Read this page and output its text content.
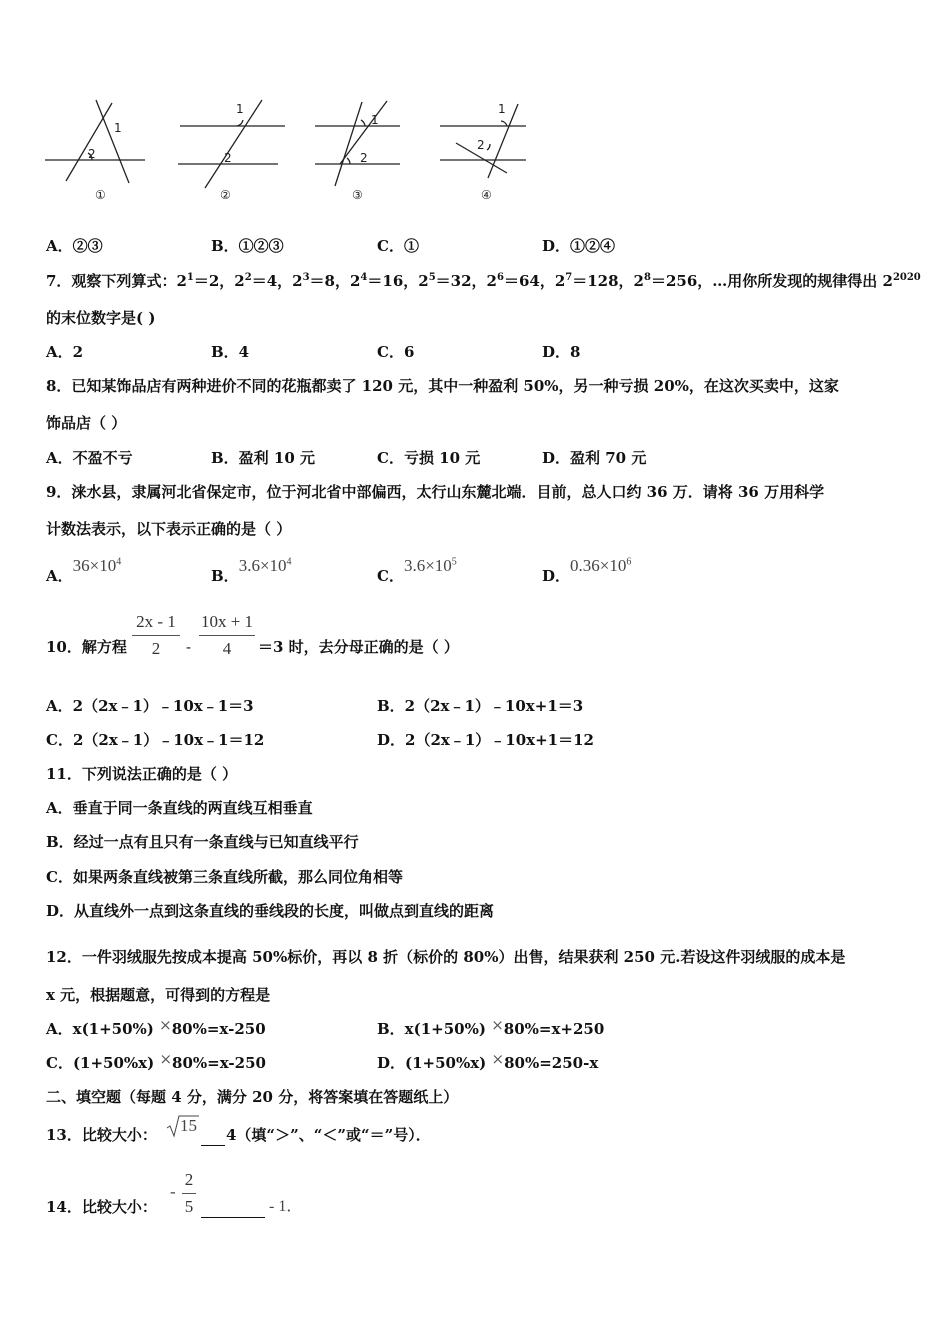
1
2
1
2
1
2
1
2
①	②	③	④
A．②③	B．①②③	C．①	D．①②④
7．观察下列算式：$2^1=2$，$2^2=4$，$2^3=8$，$2^4=16$，$2^5=32$，$2^6=64$，$2^7=128$，$2^8=256$，…用你所发现的规律得出 $2^{2020}$
的末位数字是( )
A．2	B．4	C．6	D．8
8．已知某饰品店有两种进价不同的花瓶都卖了 120 元，其中一种盈利 50%，另一种亏损 20%，在这次买卖中，这家
饰品店（ ）
A．不盈不亏	B．盈利 10 元	C．亏损 10 元	D．盈利 70 元
9．涞水县，隶属河北省保定市，位于河北省中部偏西，太行山东麓北端．目前，总人口约 36 万．请将 36 万用科学
计数法表示，以下表示正确的是（ ）
A．$36\times 10^4$
B．$3.6\times 10^4$
C．$3.6\times 10^5$
D．$0.36\times 10^6$
10．解方程
2x - 1
2	-
10x + 1
4	＝3 时，去分母正确的是（ ）
A．2（2x﹣1）﹣10x﹣1＝3	B．2（2x﹣1）﹣10x+1＝3
C．2（2x﹣1）﹣10x﹣1＝12	D．2（2x﹣1）﹣10x+1＝12
11．下列说法正确的是（ ）
A．垂直于同一条直线的两直线互相垂直
B．经过一点有且只有一条直线与已知直线平行
C．如果两条直线被第三条直线所截，那么同位角相等
D．从直线外一点到这条直线的垂线段的长度，叫做点到直线的距离
12．一件羽绒服先按成本提高 50%标价，再以 8 折（标价的 80%）出售，结果获利 250 元.若设这件羽绒服的成本是
x 元，根据题意，可得到的方程是
A．x(1+50%) ×80%=x-250	B．x(1+50%) ×80%=x+250
C．(1+50%x) ×80%=x-250	D．(1+50%x) ×80%=250-x
二、填空题（每题 4 分，满分 20 分，将答案填在答题纸上）
13．比较大小： 15
4（填“＞”、“＜”或“＝”号）．
14．比较大小：
-
2
5
	- 1．
